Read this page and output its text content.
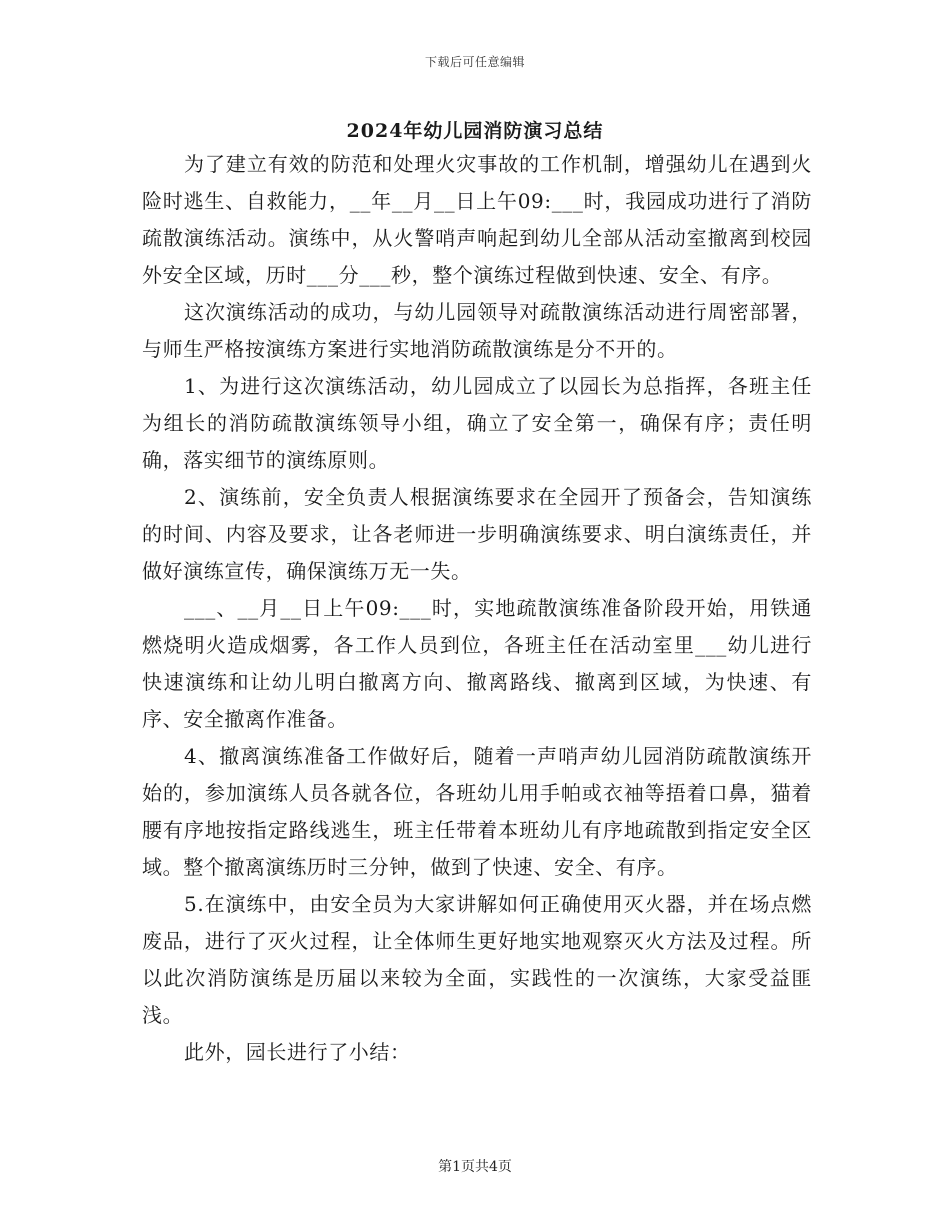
下载后可任意编辑
2024年幼儿园消防演习总结

为了建立有效的防范和处理火灾事故的工作机制，增强幼儿在遇到火险时逃生、自救能力，__年__月__日上午09:___时，我园成功进行了消防疏散演练活动。演练中，从火警哨声响起到幼儿全部从活动室撤离到校园外安全区域，历时___分___秒，整个演练过程做到快速、安全、有序。

这次演练活动的成功，与幼儿园领导对疏散演练活动进行周密部署，与师生严格按演练方案进行实地消防疏散演练是分不开的。

1、为进行这次演练活动，幼儿园成立了以园长为总指挥，各班主任为组长的消防疏散演练领导小组，确立了安全第一，确保有序；责任明确，落实细节的演练原则。

2、演练前，安全负责人根据演练要求在全园开了预备会，告知演练的时间、内容及要求，让各老师进一步明确演练要求、明白演练责任，并做好演练宣传，确保演练万无一失。

___、__月__日上午09:___时，实地疏散演练准备阶段开始，用铁通燃烧明火造成烟雾，各工作人员到位，各班主任在活动室里___幼儿进行快速演练和让幼儿明白撤离方向、撤离路线、撤离到区域，为快速、有序、安全撤离作准备。

4、撤离演练准备工作做好后，随着一声哨声幼儿园消防疏散演练开始的，参加演练人员各就各位，各班幼儿用手帕或衣袖等捂着口鼻，猫着腰有序地按指定路线逃生，班主任带着本班幼儿有序地疏散到指定安全区域。整个撤离演练历时三分钟，做到了快速、安全、有序。

5.在演练中，由安全员为大家讲解如何正确使用灭火器，并在场点燃废品，进行了灭火过程，让全体师生更好地实地观察灭火方法及过程。所以此次消防演练是历届以来较为全面，实践性的一次演练，大家受益匪浅。

此外，园长进行了小结：

第1页共4页
